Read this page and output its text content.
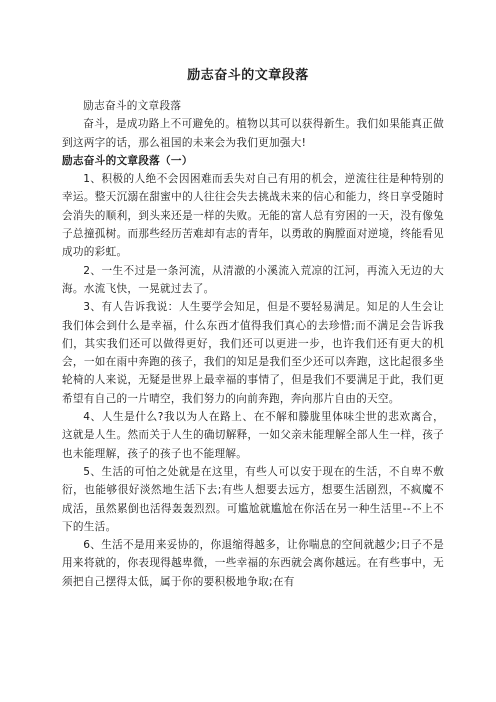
励志奋斗的文章段落

励志奋斗的文章段落

奋斗，是成功路上不可避免的。植物以其可以获得新生。我们如果能真正做到这两字的话，那么祖国的未来会为我们更加强大!

励志奋斗的文章段落（一）

1、积极的人绝不会因困难而丢失对自己有用的机会，逆流往往是种特别的幸运。整天沉溺在甜蜜中的人往往会失去挑战未来的信心和能力，终日享受随时会消失的顺利，到头来还是一样的失败。无能的富人总有穷困的一天，没有像兔子总撞孤树。而那些经历苦难却有志的青年，以勇敢的胸膛面对逆境，终能看见成功的彩虹。

2、一生不过是一条河流，从清澈的小溪流入荒凉的江河，再流入无边的大海。水流飞快，一晃就过去了。

3、有人告诉我说：人生要学会知足，但是不要轻易满足。知足的人生会让我们体会到什么是幸福，什么东西才值得我们真心的去珍惜;而不满足会告诉我们，其实我们还可以做得更好，我们还可以更进一步，也许我们还有更大的机会，一如在雨中奔跑的孩子，我们的知足是我们至少还可以奔跑，这比起很多坐轮椅的人来说，无疑是世界上最幸福的事情了，但是我们不要满足于此，我们更希望有自己的一片晴空，我们努力的向前奔跑，奔向那片自由的天空。

4、人生是什么?我以为人在路上、在不解和滕胧里体味尘世的悲欢离合，这就是人生。然而关于人生的确切解释，一如父亲未能理解全部人生一样，孩子也未能理解，孩子的孩子也不能理解。

5、生活的可怕之处就是在这里，有些人可以安于现在的生活，不自卑不敷衍，也能够很好淡然地生活下去;有些人想要去远方，想要生活剧烈，不疯魔不成活，虽然累倒也活得轰轰烈烈。可尴尬就尴尬在你活在另一种生活里--不上不下的生活。

6、生活不是用来妥协的，你退缩得越多，让你喘息的空间就越少;日子不是用来将就的，你表现得越卑微，一些幸福的东西就会离你越远。在有些事中，无须把自己摆得太低，属于你的要积极地争取;在有
